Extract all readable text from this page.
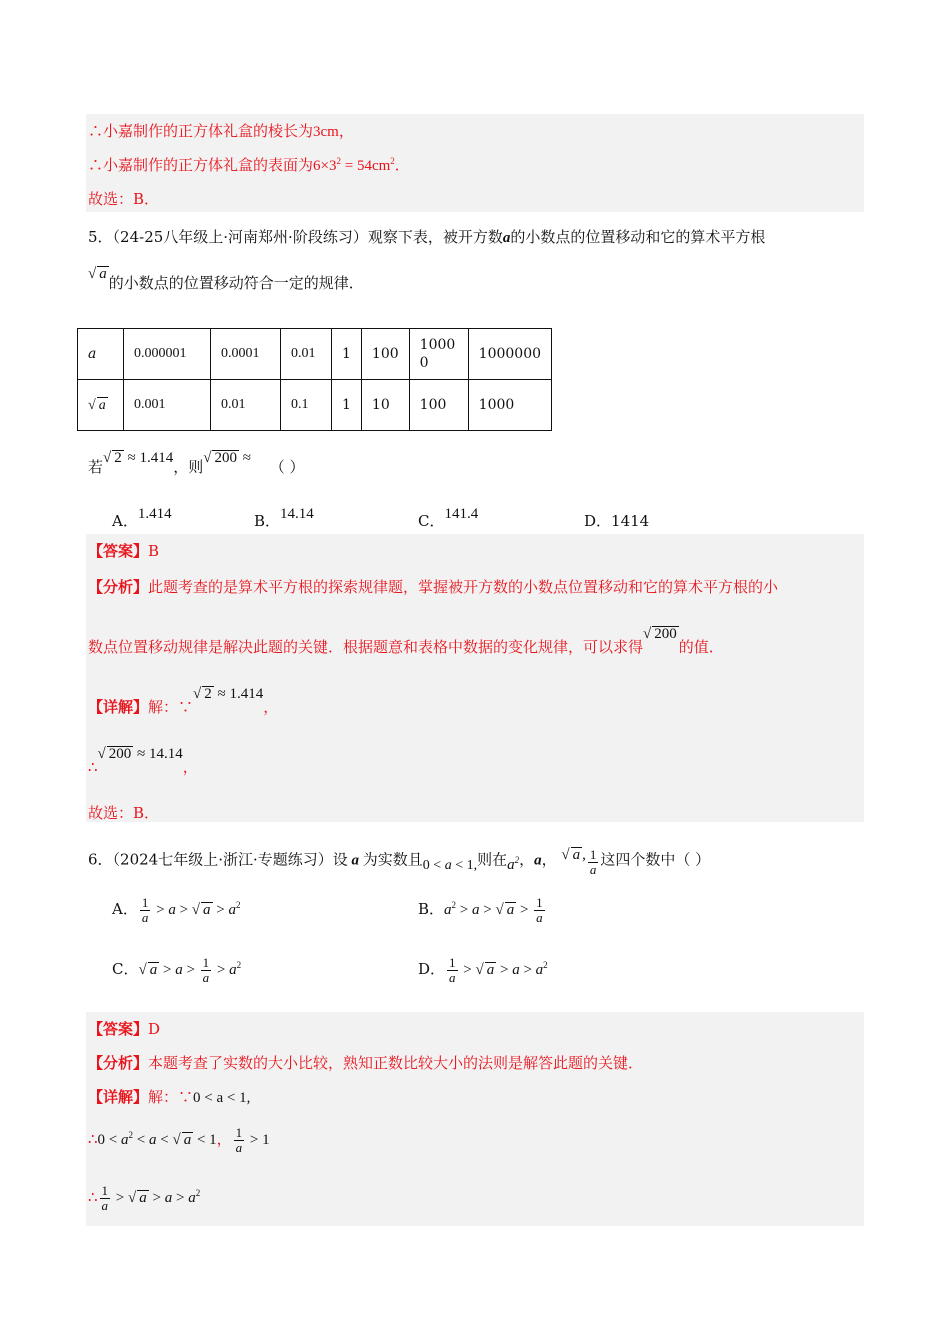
∴小嘉制作的正方体礼盒的棱长为3cm，
∴小嘉制作的正方体礼盒的表面为$6\times 3^2 = 54cm^2$．
故选：B．
5．（24-25八年级上·河南郑州·阶段练习）观察下表，被开方数a的小数点的位置移动和它的算术平方根
√ a 的小数点的位置移动符合一定的规律．
a	0.000001	0.0001	0.01	1	100	10000	1000000
√ a	0.001	0.01	0.1	1	10	100	1000
若√ 2 ≈ 1.414，则√ 200 ≈ （ ）
A．1.414	B．14.14	C．141.4	D．1414
【答案】B
【分析】此题考查的是算术平方根的探索规律题，掌握被开方数的小数点位置移动和它的算术平方根的小
数点位置移动规律是解决此题的关键．根据题意和表格中数据的变化规律，可以求得√ 200的值．
【详解】解：∵√ 2 ≈ 1.414，
∴√ 200 ≈ 14.14，
故选：B．
6．（2024七年级上·浙江·专题练习）设 a 为实数且0 < a < 1,则在$a^2$，a， √ a , $\frac{1}{a}$ 这四个数中（ ）
A． $\frac{1}{a} > a$ > √ $a > a^2$	B．$a^2 > a$ > √ $a > \frac{1}{a}$
C．√ $a > a > \frac{1}{a} > a^2$	D． $\frac{1}{a}$ > √ $a > a > a^2$
【答案】D
【分析】本题考查了实数的大小比较，熟知正数比较大小的法则是解答此题的关键．
【详解】解：∵0 < a < 1,
∴0 < $a^2 < a$ < √ a < 1， $\frac{1}{a} > 1$
∴ $\frac{1}{a}$ > √ $a > a > a^2$
